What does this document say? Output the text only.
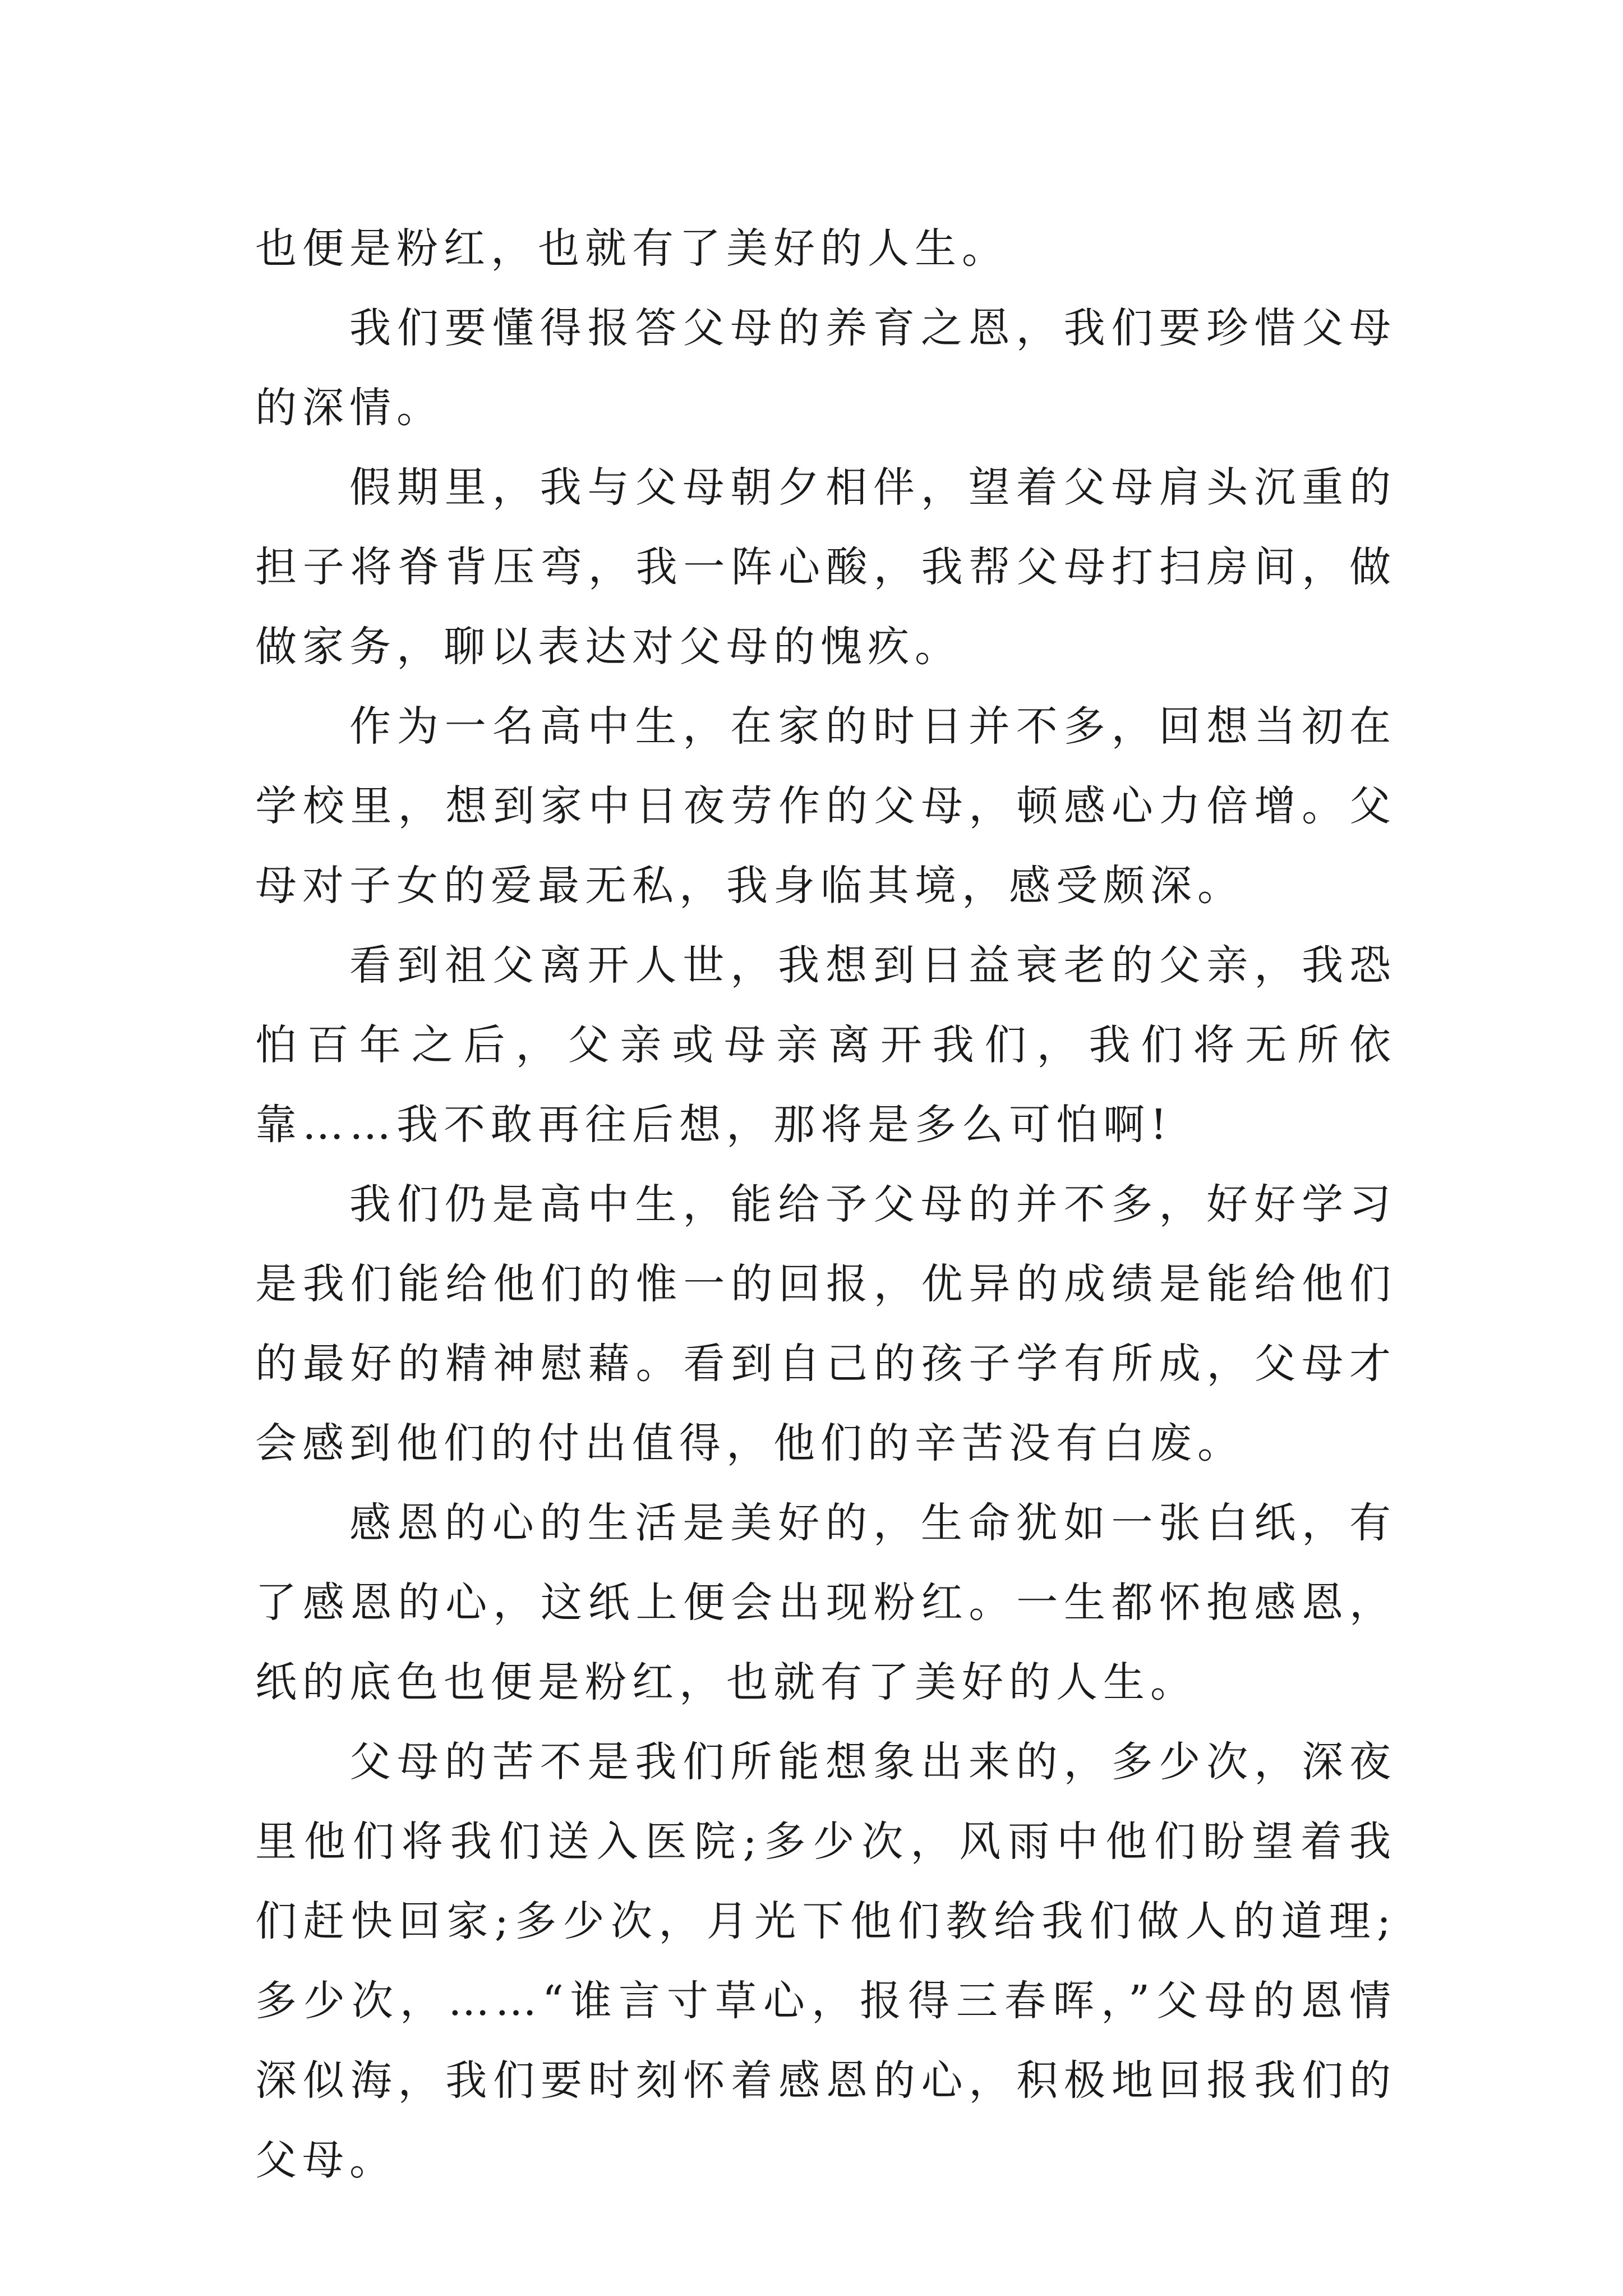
也便是粉红，也就有了美好的人生。

我们要懂得报答父母的养育之恩，我们要珍惜父母的深情。

假期里，我与父母朝夕相伴，望着父母肩头沉重的担子将脊背压弯，我一阵心酸，我帮父母打扫房间，做做家务，聊以表达对父母的愧疚。

作为一名高中生，在家的时日并不多，回想当初在学校里，想到家中日夜劳作的父母，顿感心力倍增。父母对子女的爱最无私，我身临其境，感受颇深。

看到祖父离开人世，我想到日益衰老的父亲，我恐怕百年之后，父亲或母亲离开我们，我们将无所依靠……我不敢再往后想，那将是多么可怕啊!

我们仍是高中生，能给予父母的并不多，好好学习是我们能给他们的惟一的回报，优异的成绩是能给他们的最好的精神慰藉。看到自己的孩子学有所成，父母才会感到他们的付出值得，他们的辛苦没有白废。

感恩的心的生活是美好的，生命犹如一张白纸，有了感恩的心，这纸上便会出现粉红。一生都怀抱感恩，纸的底色也便是粉红，也就有了美好的人生。

父母的苦不是我们所能想象出来的，多少次，深夜里他们将我们送入医院;多少次，风雨中他们盼望着我们赶快回家;多少次，月光下他们教给我们做人的道理;多少次，……“谁言寸草心，报得三春晖，”父母的恩情深似海，我们要时刻怀着感恩的心，积极地回报我们的父母。
